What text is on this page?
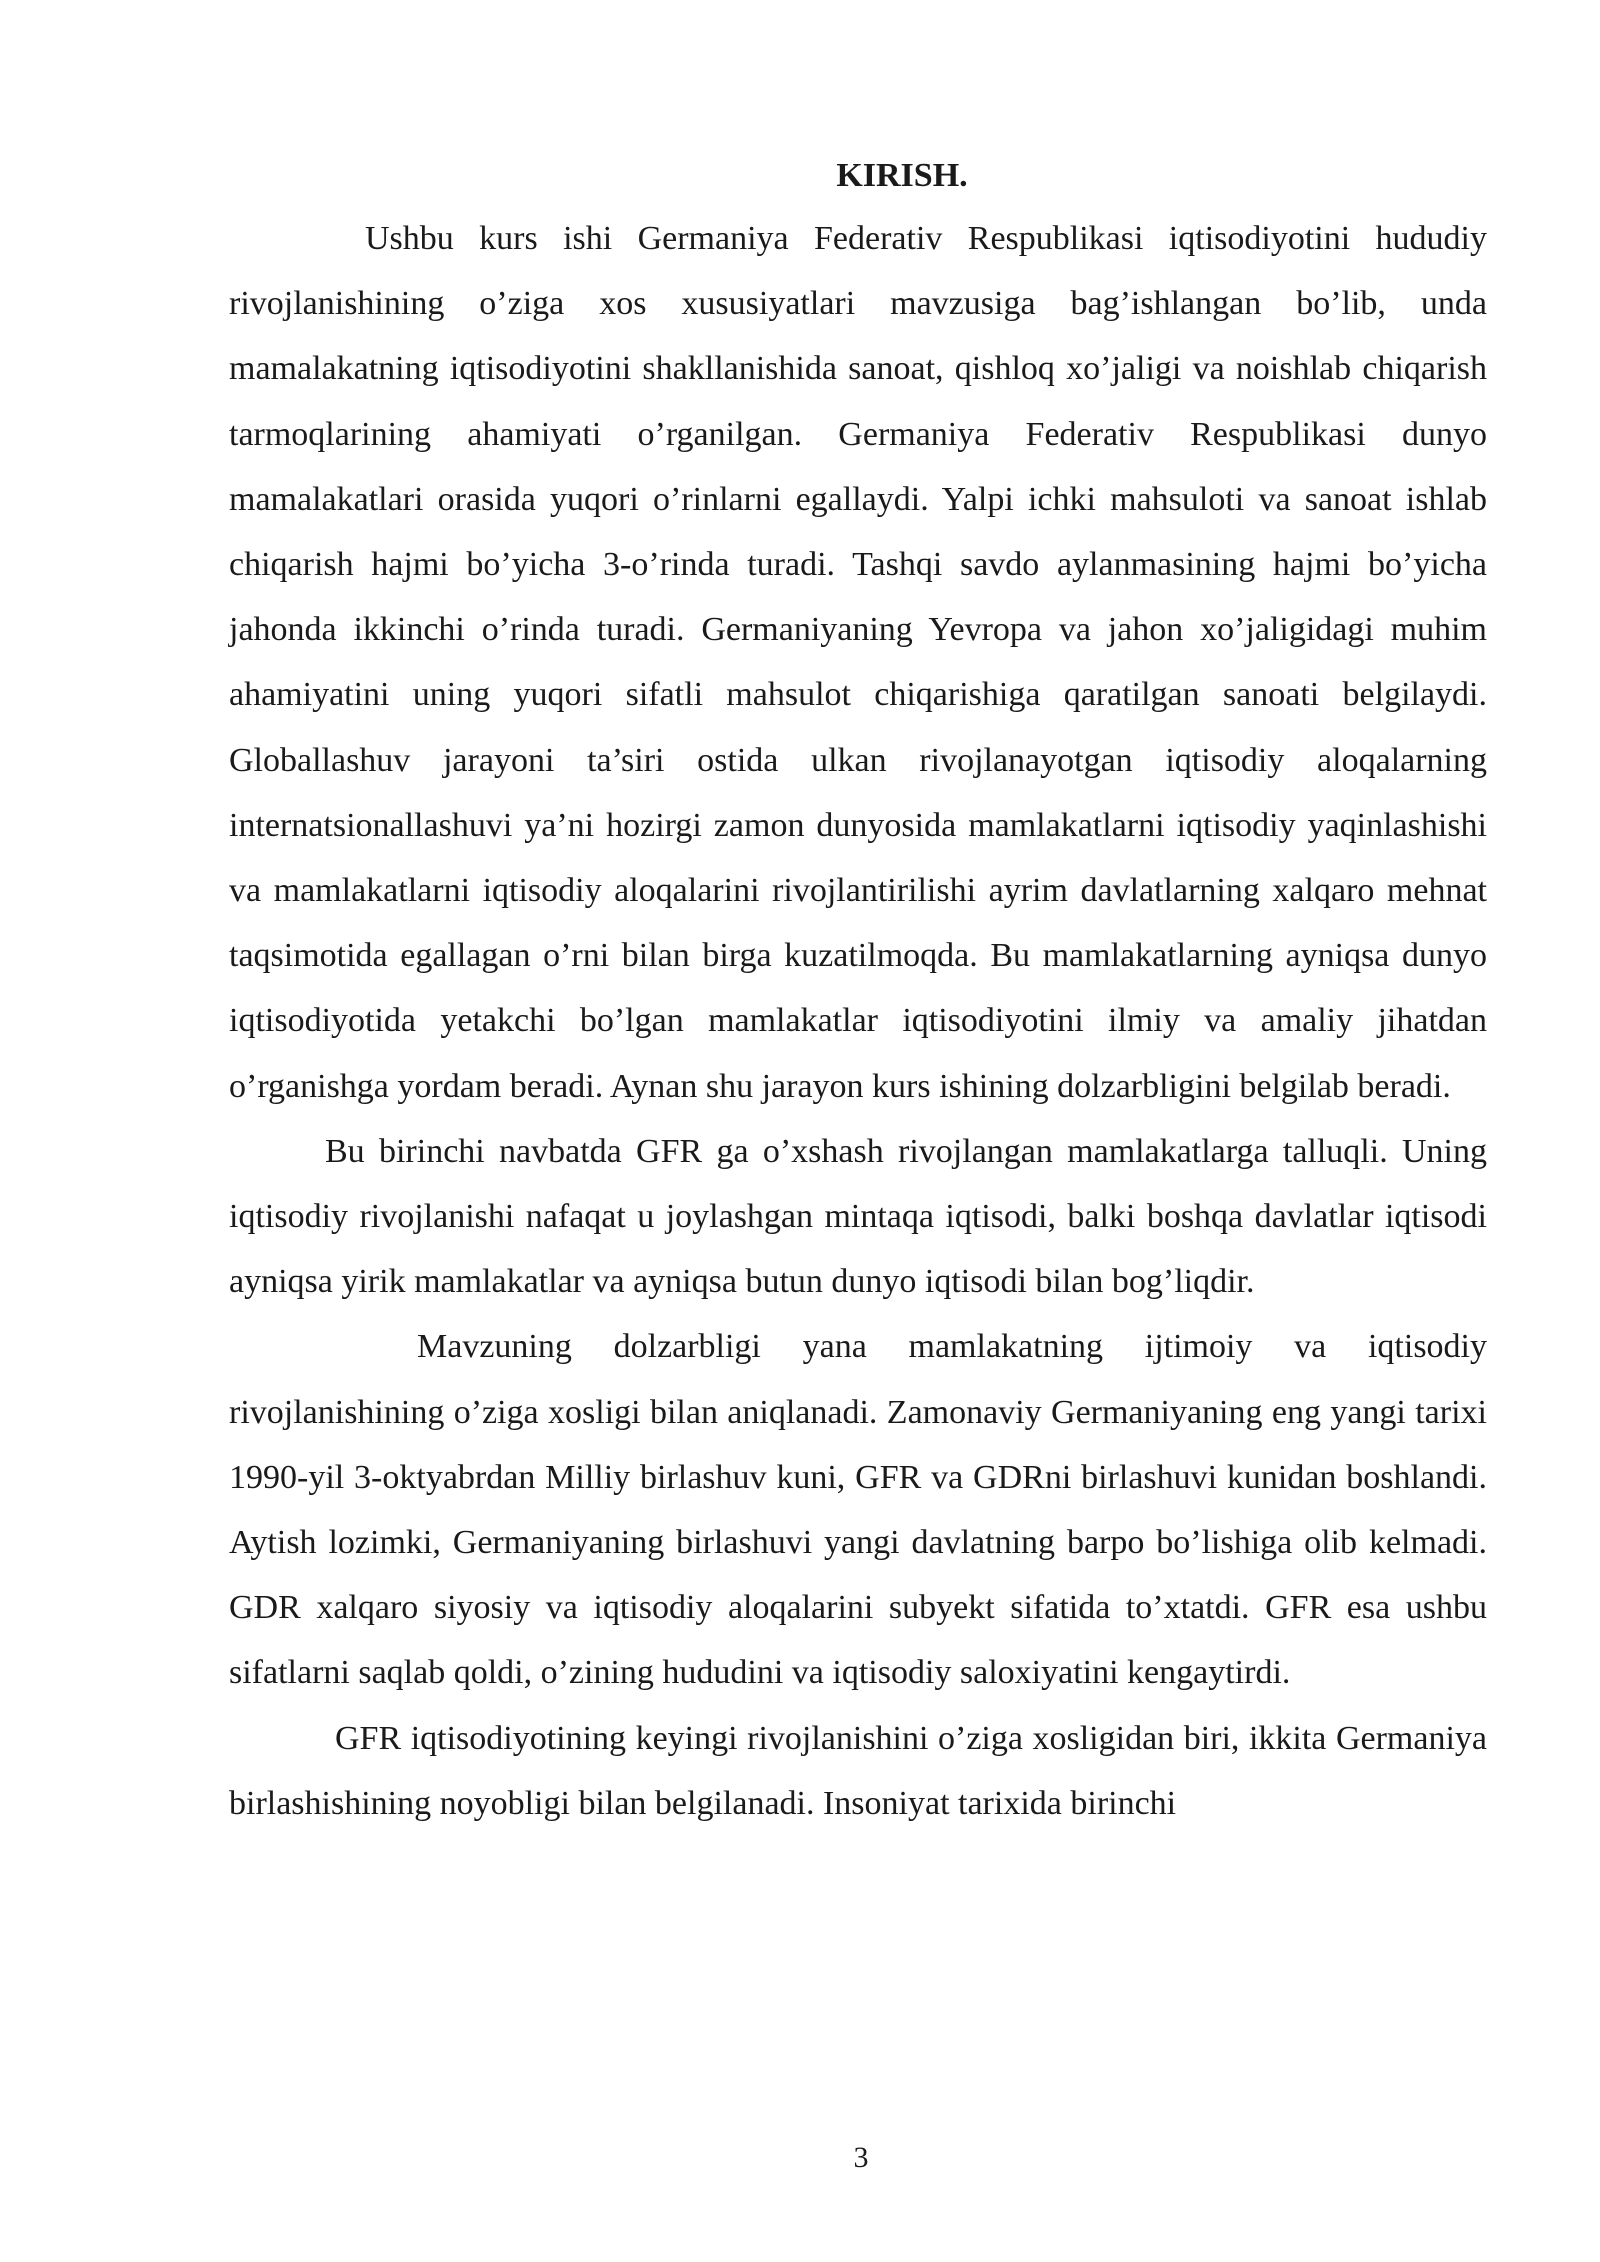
KIRISH.

Ushbu kurs ishi Germaniya Federativ Respublikasi iqtisodiyotini hududiy rivojlanishining o’ziga xos xususiyatlari mavzusiga bag’ishlangan bo’lib, unda mamalakatning iqtisodiyotini shakllanishida sanoat, qishloq xo’jaligi va noishlab chiqarish tarmoqlarining ahamiyati o’rganilgan. Germaniya Federativ Respublikasi dunyo mamalakatlari orasida yuqori o’rinlarni egallaydi. Yalpi ichki mahsuloti va sanoat ishlab chiqarish hajmi bo’yicha 3-o’rinda turadi. Tashqi savdo aylanmasining hajmi bo’yicha jahonda ikkinchi o’rinda turadi. Germaniyaning Yevropa va jahon xo’jaligidagi muhim ahamiyatini uning yuqori sifatli mahsulot chiqarishiga qaratilgan sanoati belgilaydi. Globallashuv jarayoni ta’siri ostida ulkan rivojlanayotgan iqtisodiy aloqalarning internatsionallashuvi ya’ni hozirgi zamon dunyosida mamlakatlarni iqtisodiy yaqinlashishi va mamlakatlarni iqtisodiy aloqalarini rivojlantirilishi ayrim davlatlarning xalqaro mehnat taqsimotida egallagan o’rni bilan birga kuzatilmoqda. Bu mamlakatlarning ayniqsa dunyo iqtisodiyotida yetakchi bo’lgan mamlakatlar iqtisodiyotini ilmiy va amaliy jihatdan o’rganishga yordam beradi. Aynan shu jarayon kurs ishining dolzarbligini belgilab beradi.

Bu birinchi navbatda GFR ga o’xshash rivojlangan mamlakatlarga talluqli. Uning iqtisodiy rivojlanishi nafaqat u joylashgan mintaqa iqtisodi, balki boshqa davlatlar iqtisodi ayniqsa yirik mamlakatlar va ayniqsa butun dunyo iqtisodi bilan bog’liqdir.

Mavzuning dolzarbligi yana mamlakatning ijtimoiy va iqtisodiy rivojlanishining o’ziga xosligi bilan aniqlanadi. Zamonaviy Germaniyaning eng yangi tarixi 1990-yil 3-oktyabrdan Milliy birlashuv kuni, GFR va GDRni birlashuvi kunidan boshlandi. Aytish lozimki, Germaniyaning birlashuvi yangi davlatning barpo bo’lishiga olib kelmadi. GDR xalqaro siyosiy va iqtisodiy aloqalarini subyekt sifatida to’xtatdi. GFR esa ushbu sifatlarni saqlab qoldi, o’zining hududini va iqtisodiy saloxiyatini kengaytirdi.

GFR iqtisodiyotining keyingi rivojlanishini o’ziga xosligidan biri, ikkita Germaniya birlashishining noyobligi bilan belgilanadi. Insoniyat tarixida birinchi

3
